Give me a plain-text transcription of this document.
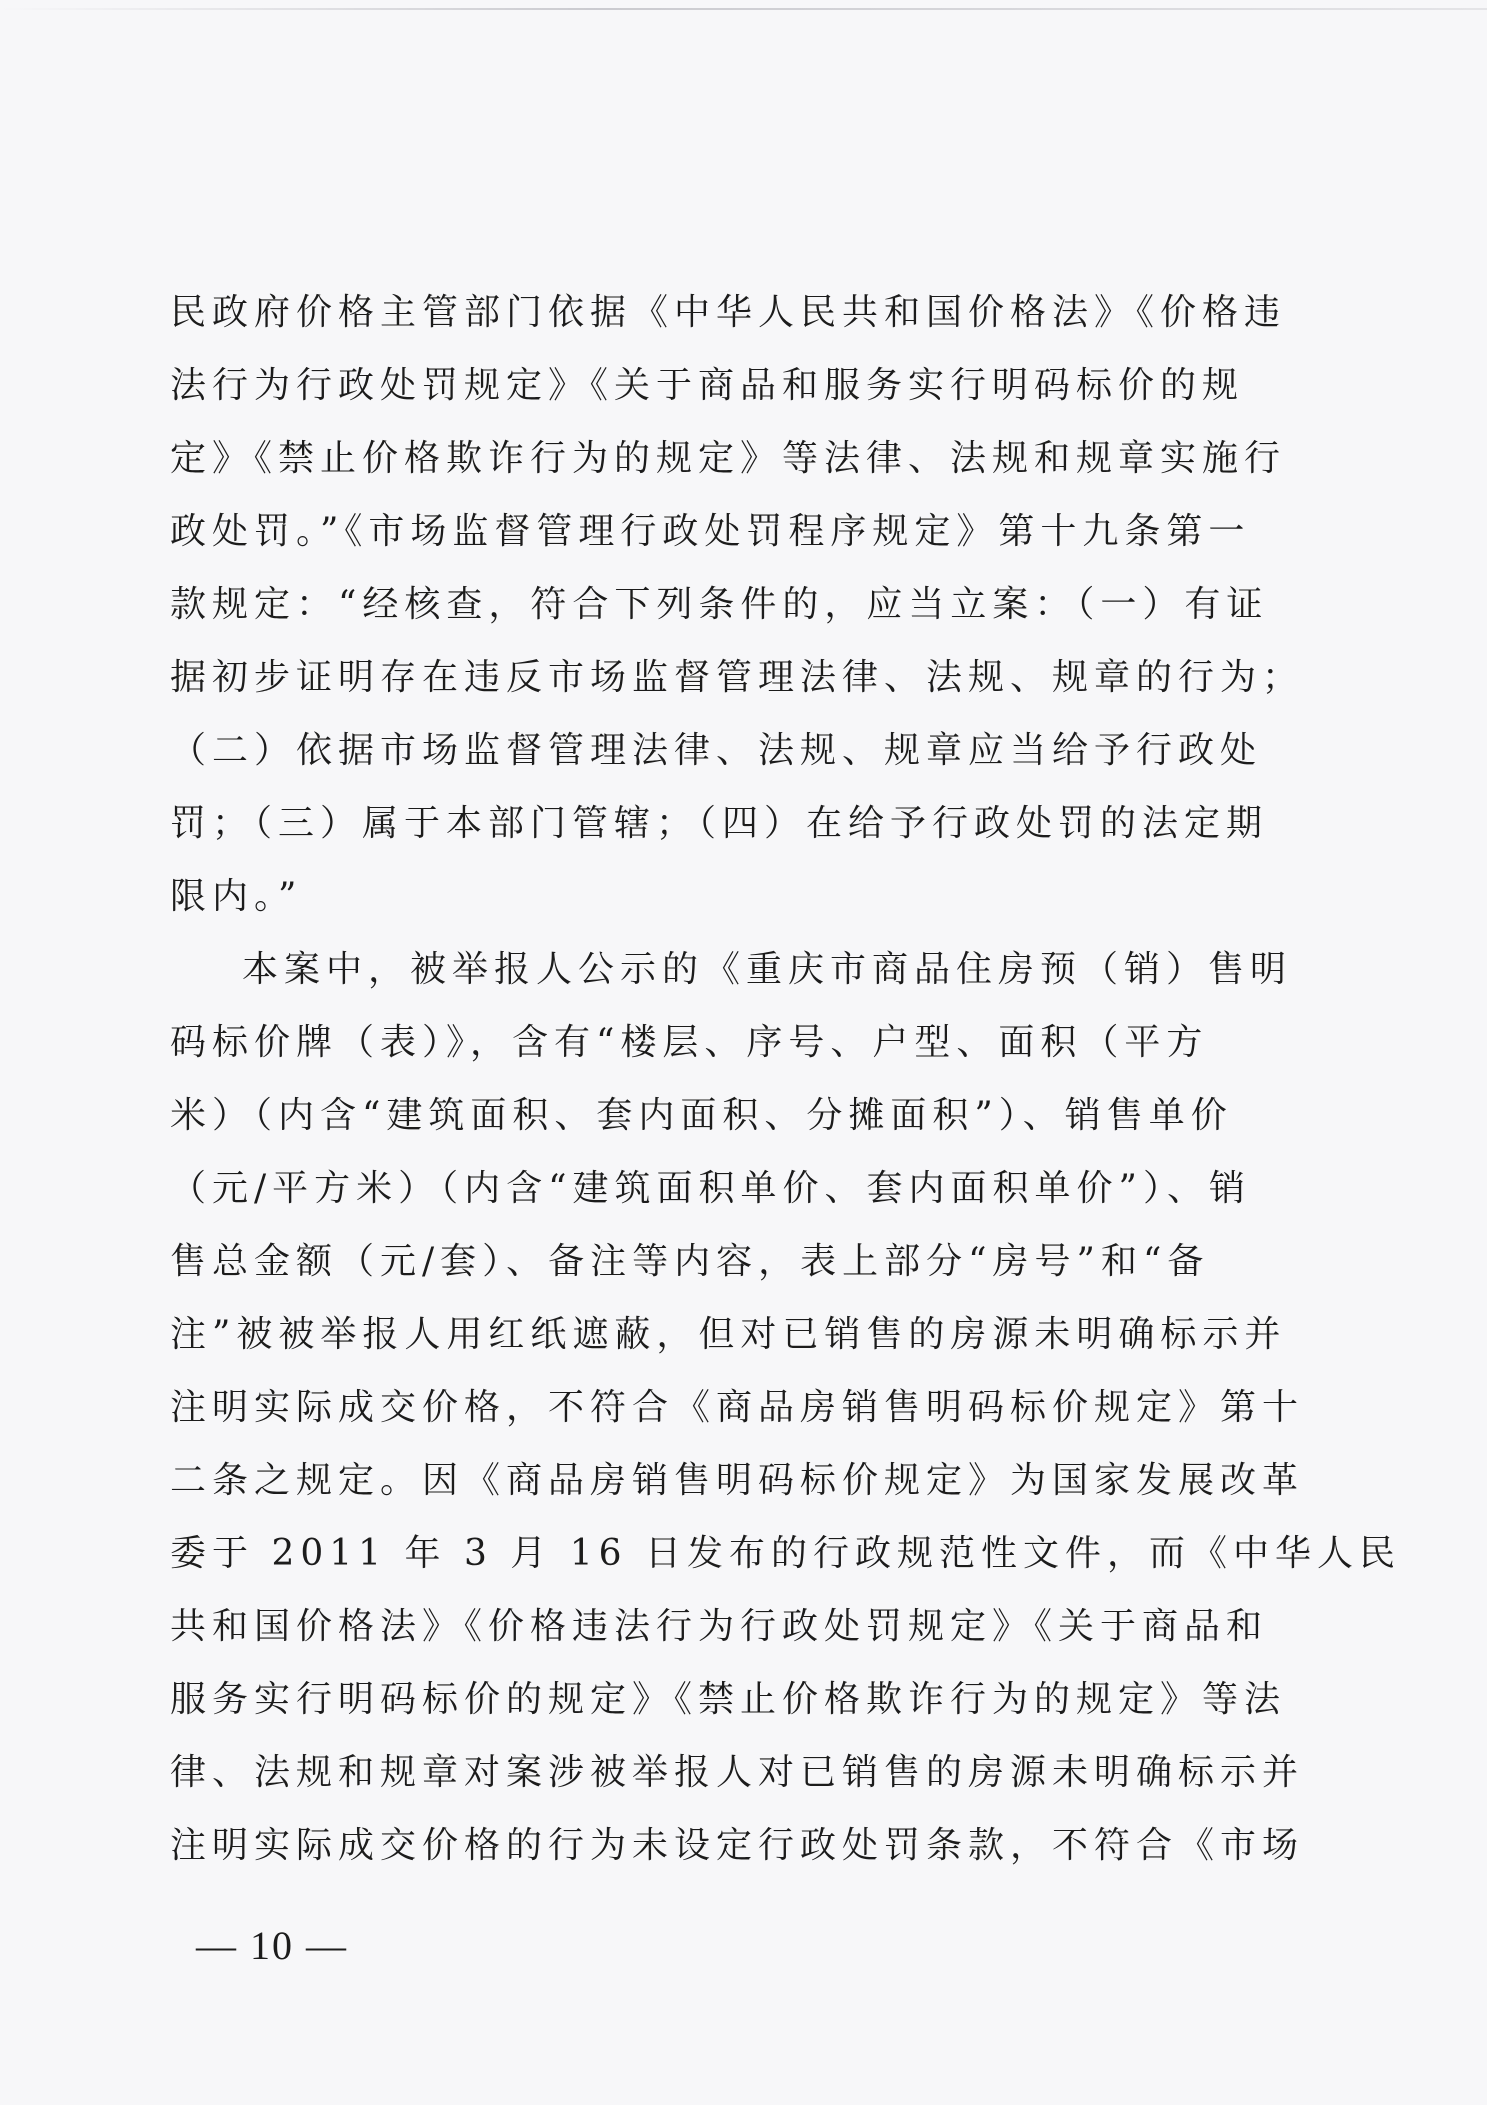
民政府价格主管部门依据《中华人民共和国价格法》《价格违
法行为行政处罚规定》《关于商品和服务实行明码标价的规
定》《禁止价格欺诈行为的规定》等法律、法规和规章实施行
政处罚。”《市场监督管理行政处罚程序规定》第十九条第一
款规定：“经核查，符合下列条件的，应当立案：（一）有证
据初步证明存在违反市场监督管理法律、法规、规章的行为；
（二）依据市场监督管理法律、法规、规章应当给予行政处
罚；（三）属于本部门管辖；（四）在给予行政处罚的法定期
限内。”
本案中，被举报人公示的《重庆市商品住房预（销）售明
码标价牌（表）》，含有“楼层、序号、户型、面积（平方
米）（内含“建筑面积、套内面积、分摊面积”）、销售单价
（元/平方米）（内含“建筑面积单价、套内面积单价”）、销
售总金额（元/套）、备注等内容，表上部分“房号”和“备
注”被被举报人用红纸遮蔽，但对已销售的房源未明确标示并
注明实际成交价格，不符合《商品房销售明码标价规定》第十
二条之规定。因《商品房销售明码标价规定》为国家发展改革
委于 2011 年 3 月 16 日发布的行政规范性文件，而《中华人民
共和国价格法》《价格违法行为行政处罚规定》《关于商品和
服务实行明码标价的规定》《禁止价格欺诈行为的规定》等法
律、法规和规章对案涉被举报人对已销售的房源未明确标示并
注明实际成交价格的行为未设定行政处罚条款，不符合《市场
— 10 —
